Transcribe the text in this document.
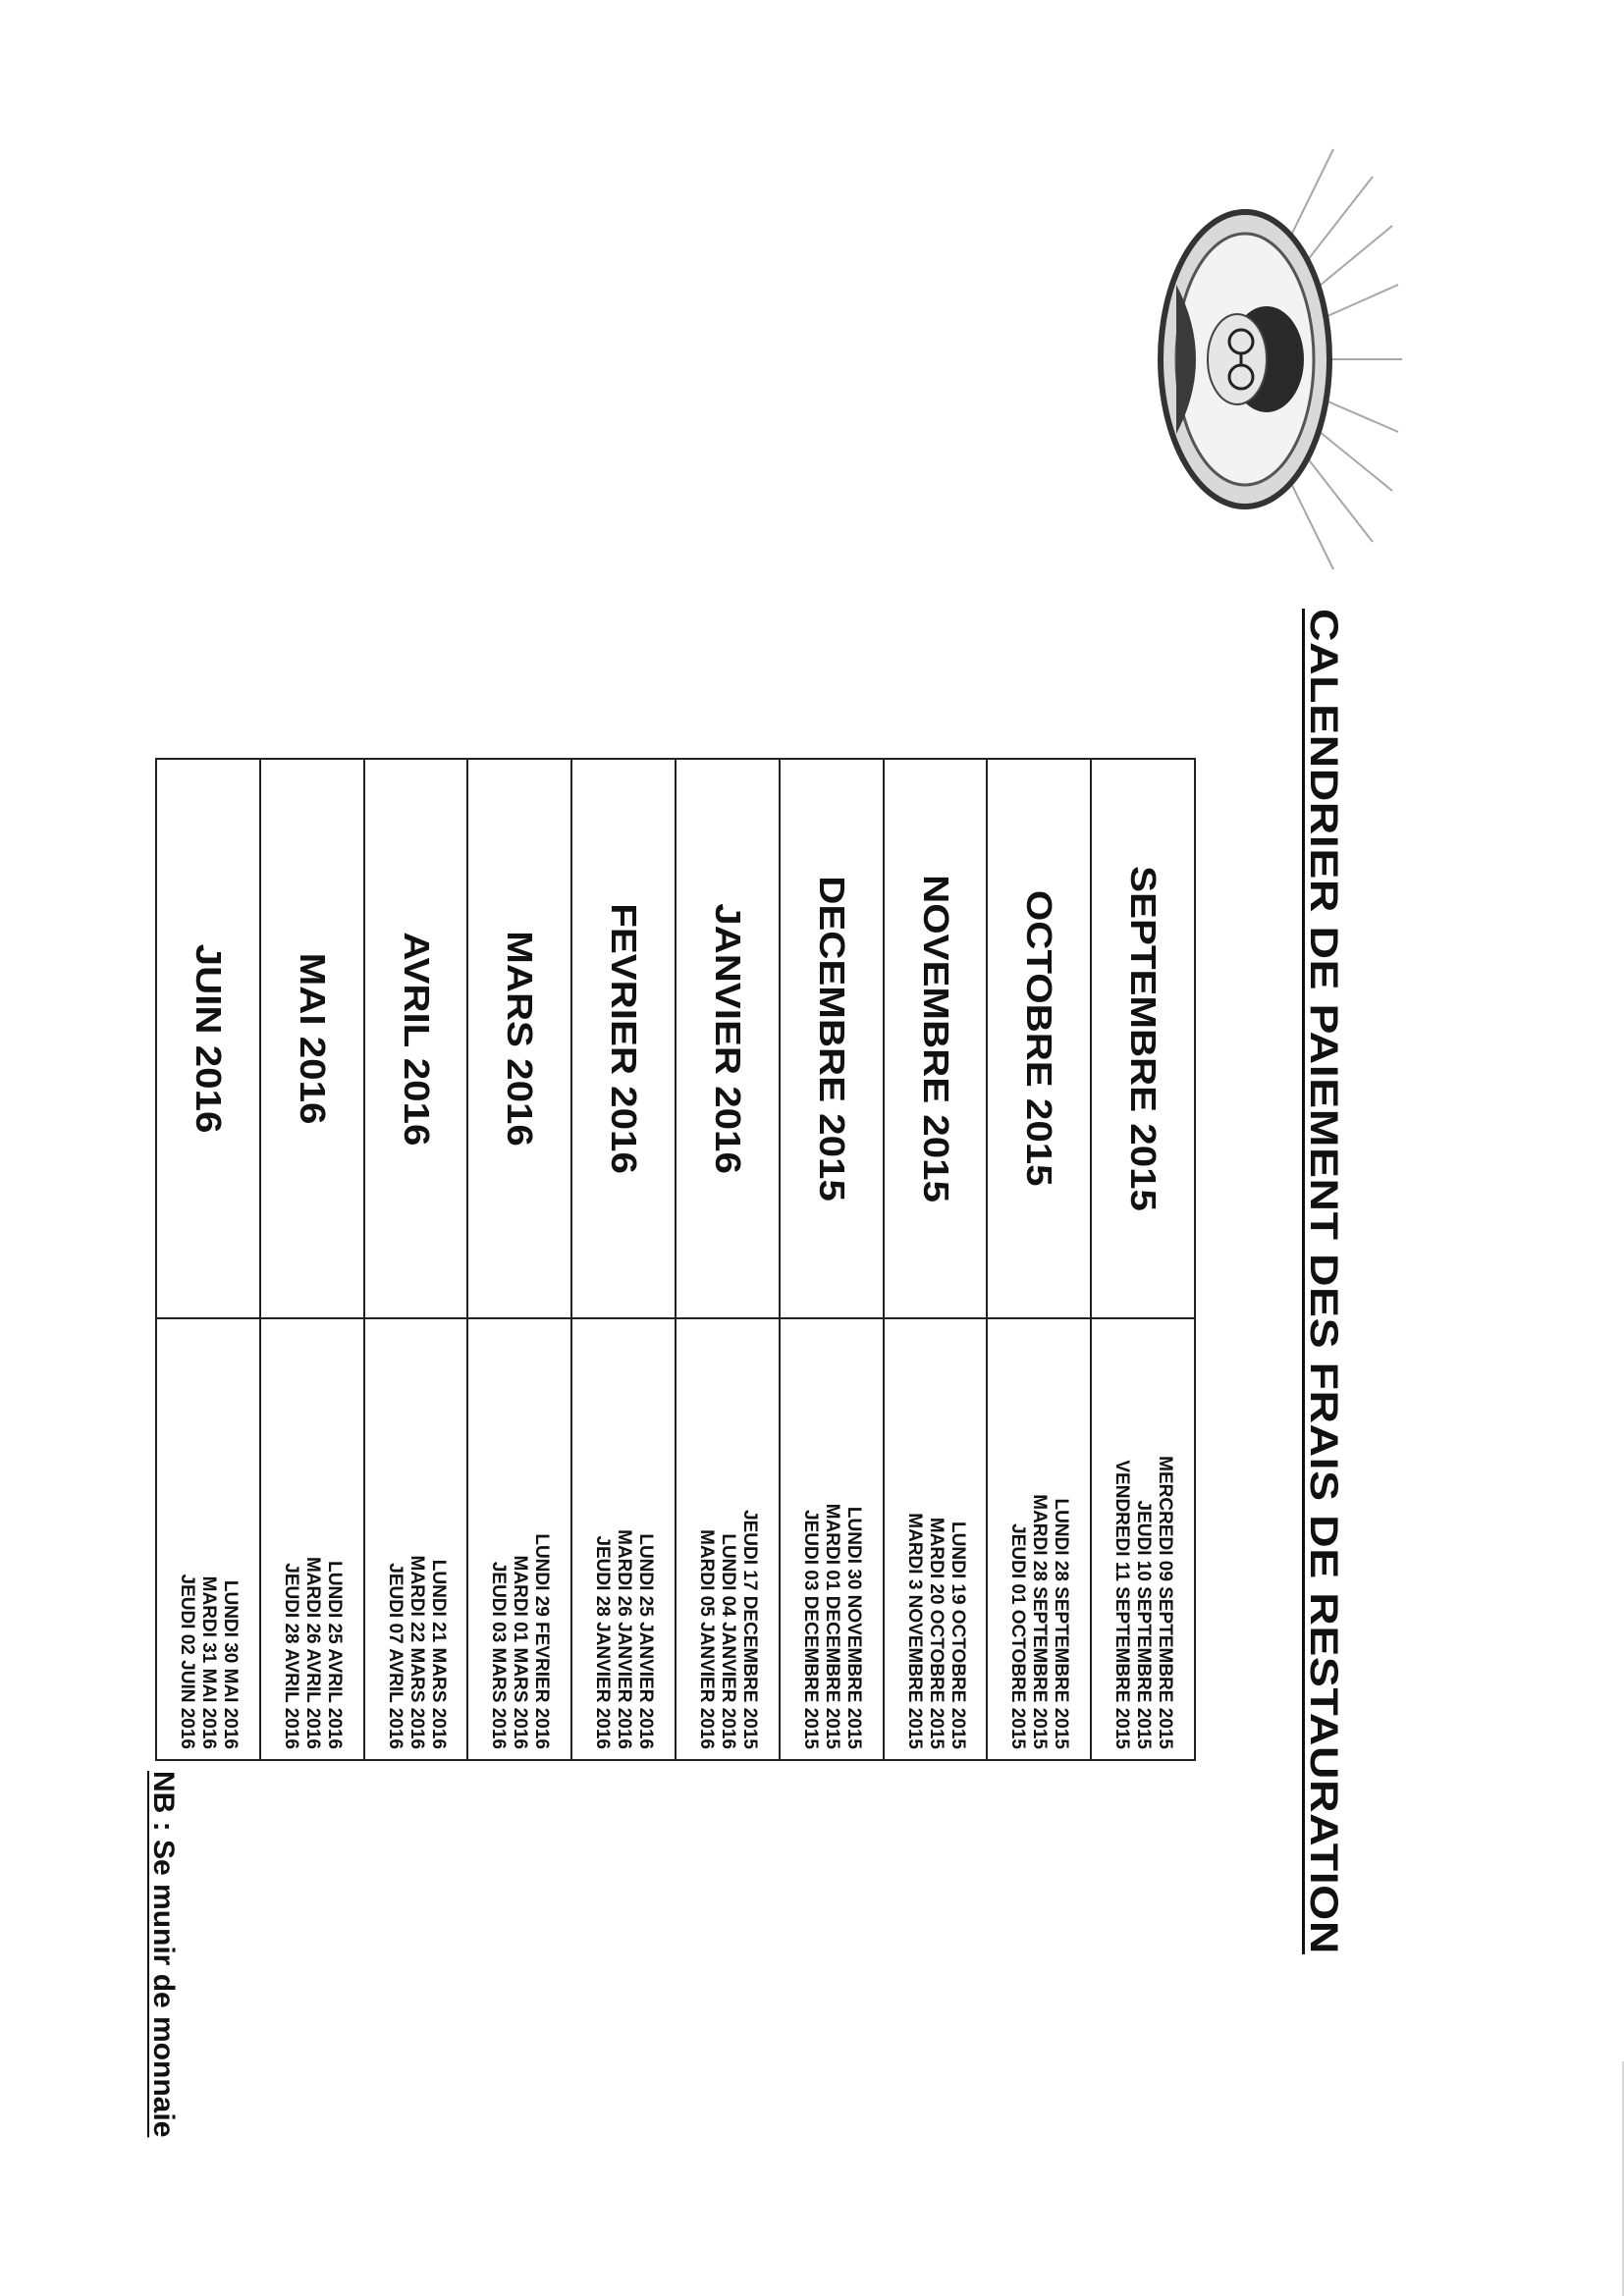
CALENDRIER DE PAIEMENT DES FRAIS DE RESTAURATION
SEPTEMBRE 2015	MERCREDI 09 SEPTEMBRE 2015
JEUDI 10 SEPTEMBRE 2015
VENDREDI 11 SEPTEMBRE 2015

OCTOBRE 2015	LUNDI 28 SEPTEMBRE 2015
MARDI 28 SEPTEMBRE 2015
JEUDI 01 OCTOBRE 2015

NOVEMBRE 2015	LUNDI 19 OCTOBRE 2015
MARDI 20 OCTOBRE 2015
MARDI 3 NOVEMBRE 2015

DECEMBRE 2015	LUNDI 30 NOVEMBRE 2015
MARDI 01 DECEMBRE 2015
JEUDI 03 DECEMBRE 2015

JANVIER 2016	JEUDI 17 DECEMBRE 2015
LUNDI 04 JANVIER 2016
MARDI 05 JANVIER 2016

FEVRIER 2016	LUNDI 25 JANVIER 2016
MARDI 26 JANVIER 2016
JEUDI 28 JANVIER 2016

MARS 2016	LUNDI 29 FEVRIER 2016
MARDI 01 MARS 2016
JEUDI 03 MARS 2016

AVRIL 2016	LUNDI 21 MARS 2016
MARDI 22 MARS 2016
JEUDI 07 AVRIL 2016

MAI 2016	LUNDI 25 AVRIL 2016
MARDI 26 AVRIL 2016
JEUDI 28 AVRIL 2016

JUIN 2016	LUNDI 30 MAI 2016
MARDI 31 MAI 2016
JEUDI 02 JUIN 2016

NB : Se munir de monnaie
